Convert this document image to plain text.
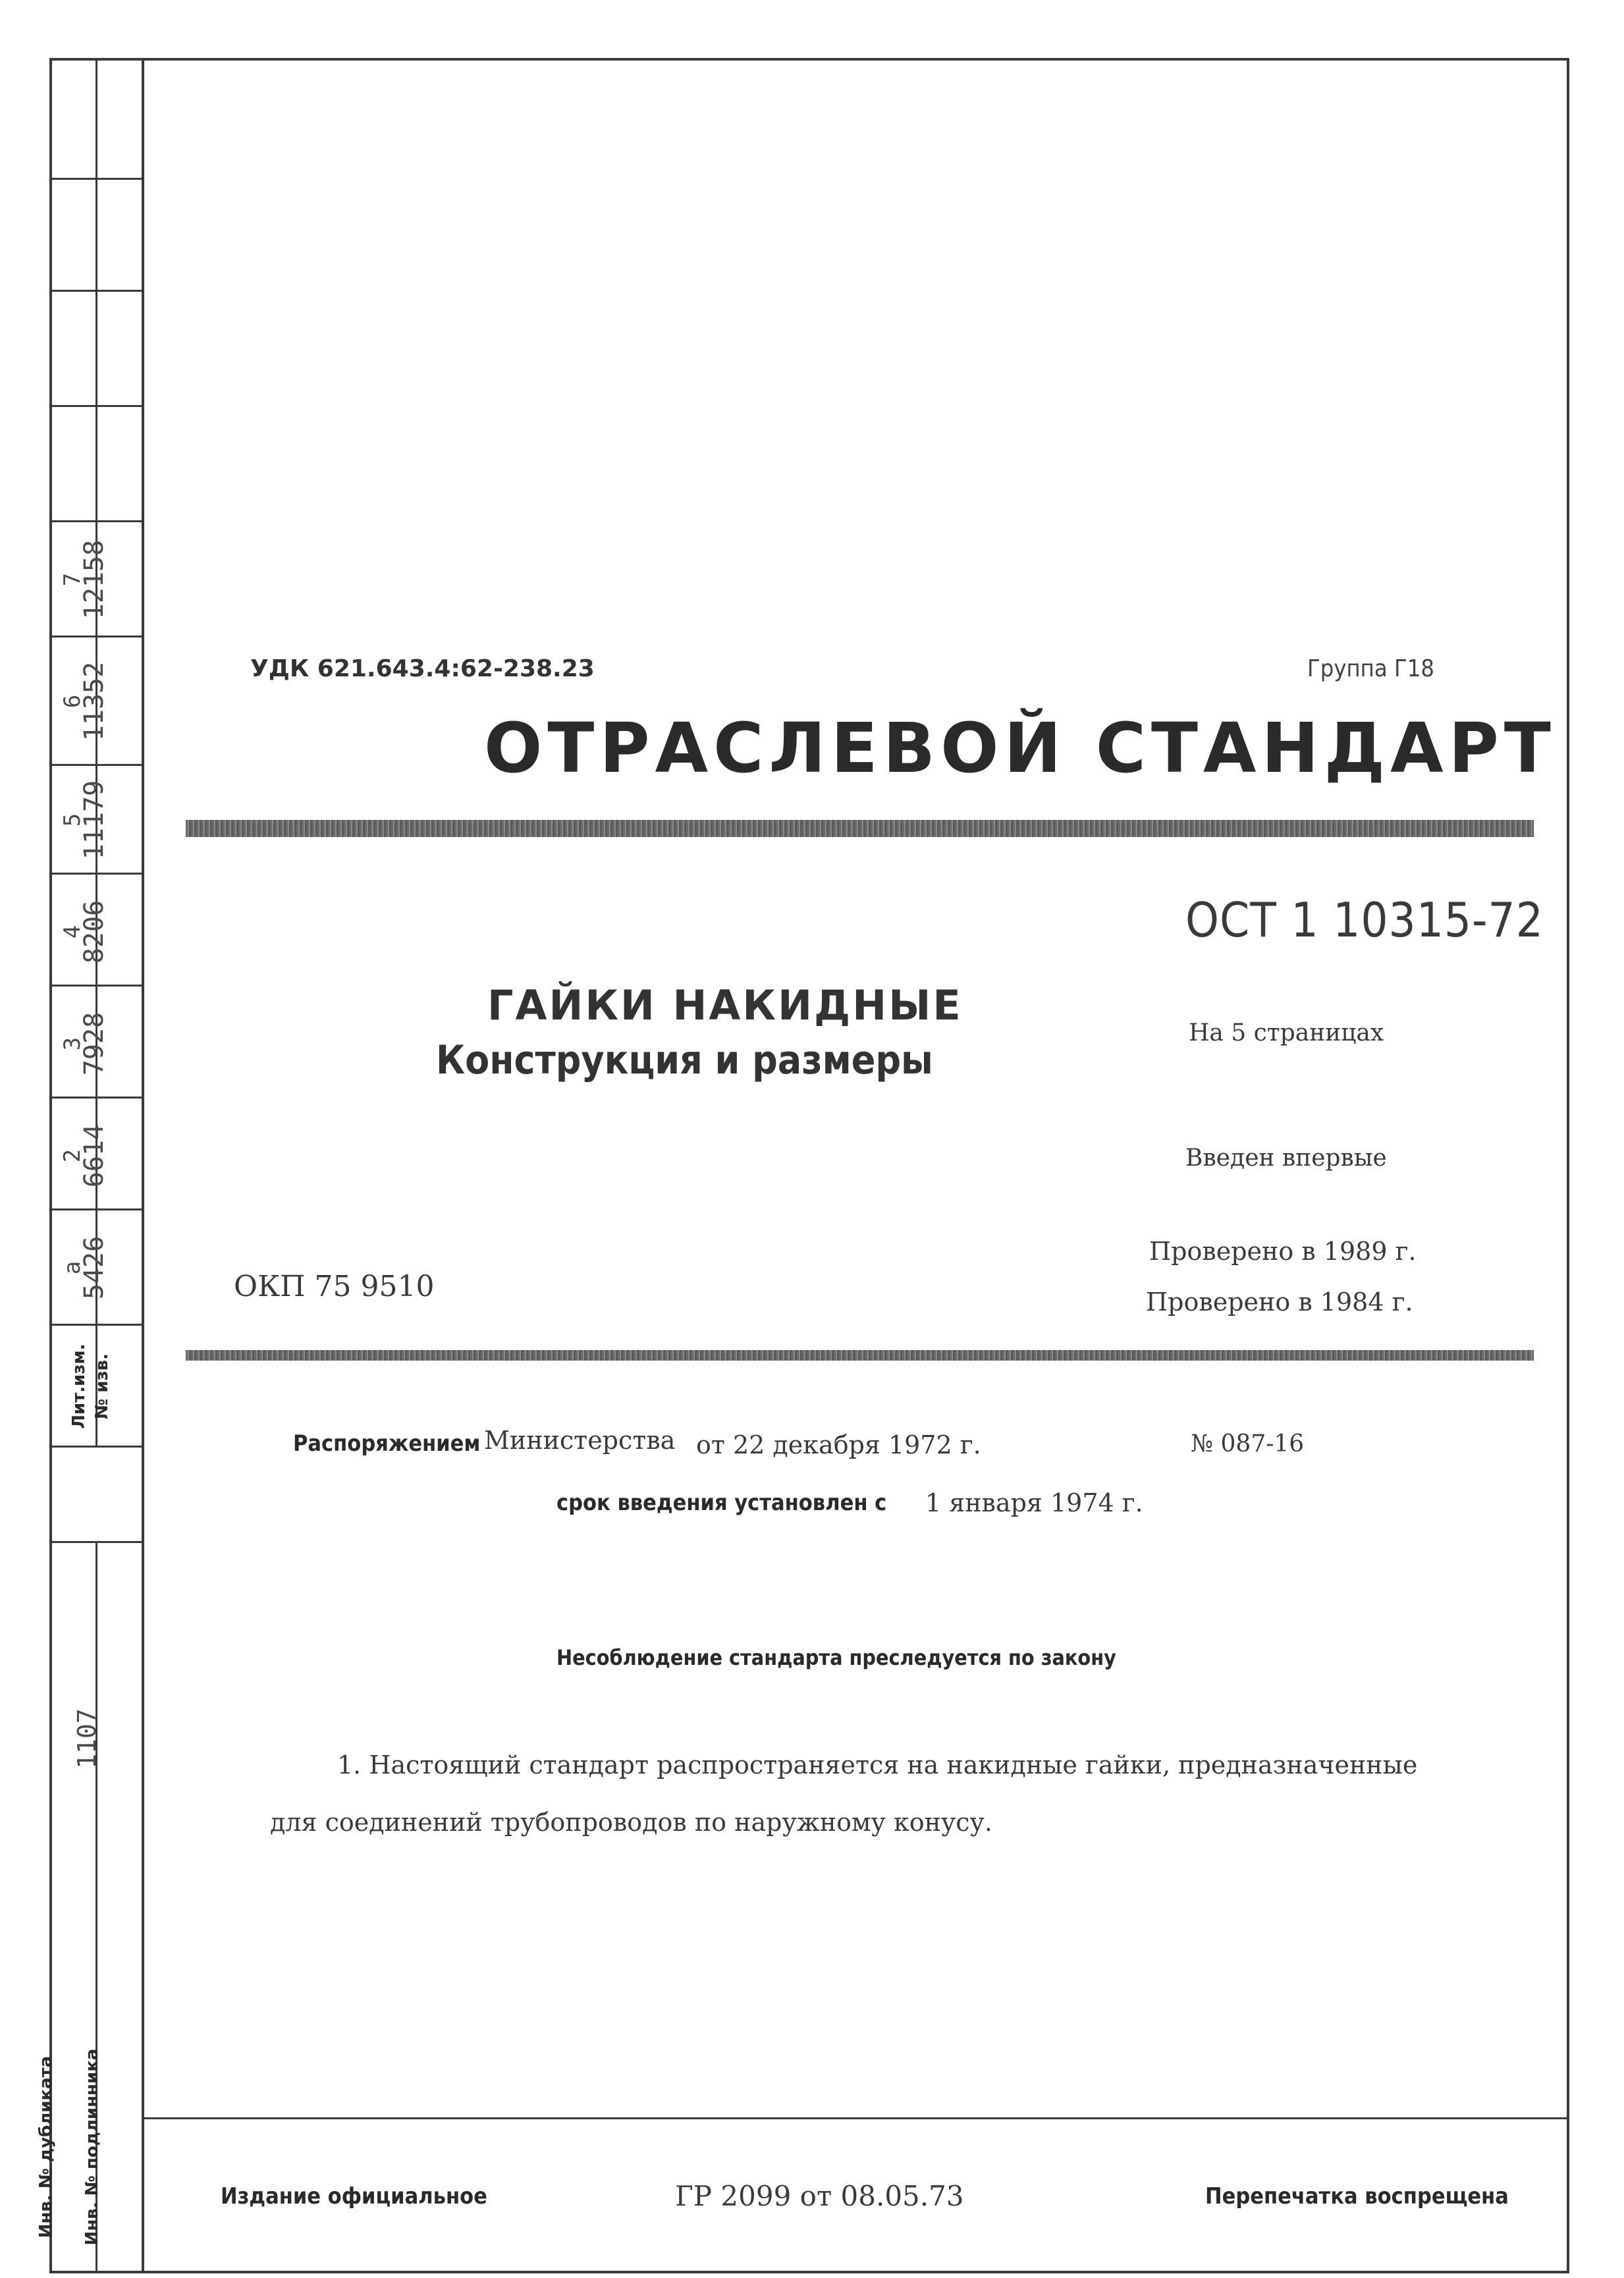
7
12158
6
11352
5
11179
4
8206
3
7928
2
6614
а
5426
Лит.изм. № изв.
1107
Инв. № дубликата	Инв. № подлинника
УДК 621.643.4:62-238.23	Группа Г18
ОТРАСЛЕВОЙ СТАНДАРТ
ОСТ 1 10315-72
ГАЙКИ НАКИДНЫЕ
Конструкция и размеры
На 5 страницах
Введен впервые
Проверено в 1989 г.
ОКП 75 9510	Проверено в 1984 г.
Распоряжением Министерства от 22 декабря 1972 г.	№ 087-16
срок введения установлен с 1 января 1974 г.
Несоблюдение стандарта преследуется по закону
1. Настоящий стандарт распространяется на накидные гайки, предназначенные
для соединений трубопроводов по наружному конусу.
Издание официальное	ГР 2099 от 08.05.73	Перепечатка воспрещена
